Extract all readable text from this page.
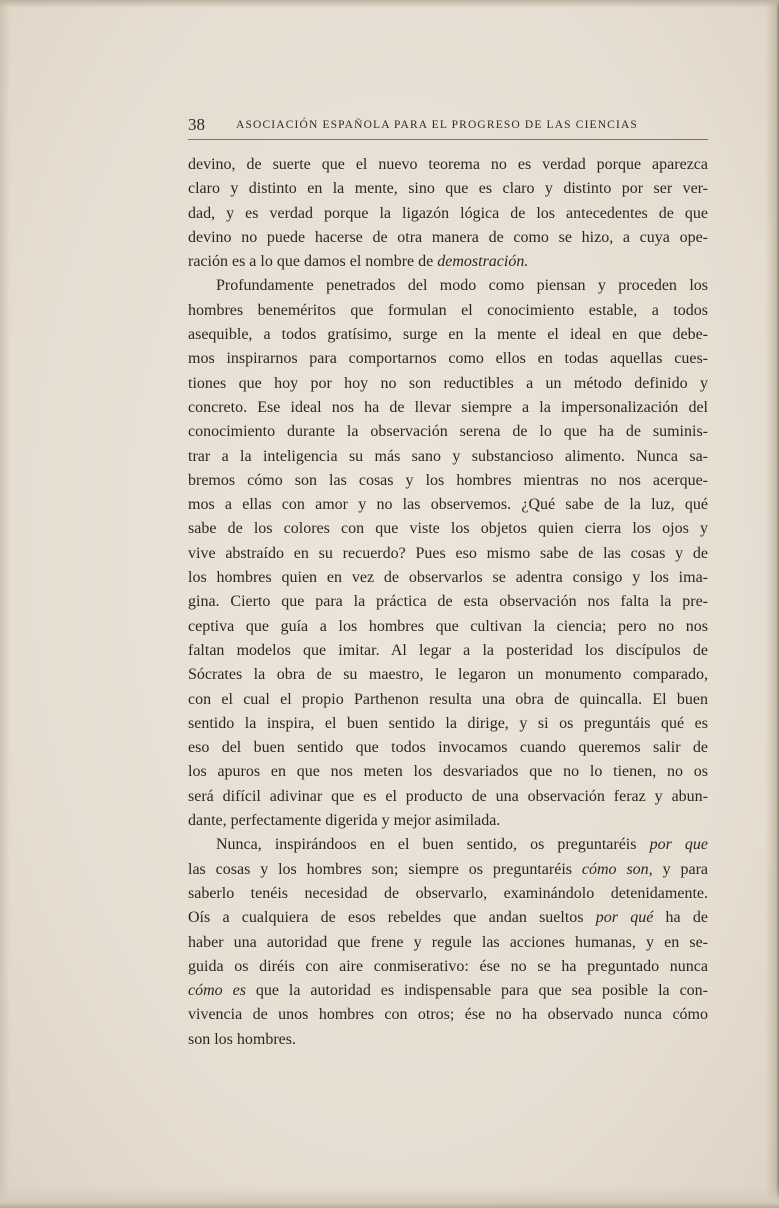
38	ASOCIACIÓN ESPAÑOLA PARA EL PROGRESO DE LAS CIENCIAS
devino, de suerte que el nuevo teorema no es verdad porque aparezca
claro y distinto en la mente, sino que es claro y distinto por ser ver-
dad, y es verdad porque la ligazón lógica de los antecedentes de que
devino no puede hacerse de otra manera de como se hizo, a cuya ope-
ración es a lo que damos el nombre de demostración.
Profundamente penetrados del modo como piensan y proceden los
hombres beneméritos que formulan el conocimiento estable, a todos
asequible, a todos gratísimo, surge en la mente el ideal en que debe-
mos inspirarnos para comportarnos como ellos en todas aquellas cues-
tiones que hoy por hoy no son reductibles a un método definido y
concreto. Ese ideal nos ha de llevar siempre a la impersonalización del
conocimiento durante la observación serena de lo que ha de suminis-
trar a la inteligencia su más sano y substancioso alimento. Nunca sa-
bremos cómo son las cosas y los hombres mientras no nos acerque-
mos a ellas con amor y no las observemos. ¿Qué sabe de la luz, qué
sabe de los colores con que viste los objetos quien cierra los ojos y
vive abstraído en su recuerdo? Pues eso mismo sabe de las cosas y de
los hombres quien en vez de observarlos se adentra consigo y los ima-
gina. Cierto que para la práctica de esta observación nos falta la pre-
ceptiva que guía a los hombres que cultivan la ciencia; pero no nos
faltan modelos que imitar. Al legar a la posteridad los discípulos de
Sócrates la obra de su maestro, le legaron un monumento comparado,
con el cual el propio Parthenon resulta una obra de quincalla. El buen
sentido la inspira, el buen sentido la dirige, y si os preguntáis qué es
eso del buen sentido que todos invocamos cuando queremos salir de
los apuros en que nos meten los desvariados que no lo tienen, no os
será difícil adivinar que es el producto de una observación feraz y abun-
dante, perfectamente digerida y mejor asimilada.
Nunca, inspirándoos en el buen sentido, os preguntaréis por que
las cosas y los hombres son; siempre os preguntaréis cómo son, y para
saberlo tenéis necesidad de observarlo, examinándolo detenidamente.
Oís a cualquiera de esos rebeldes que andan sueltos por qué ha de
haber una autoridad que frene y regule las acciones humanas, y en se-
guida os diréis con aire conmiserativo: ése no se ha preguntado nunca
cómo es que la autoridad es indispensable para que sea posible la con-
vivencia de unos hombres con otros; ése no ha observado nunca cómo
son los hombres.
